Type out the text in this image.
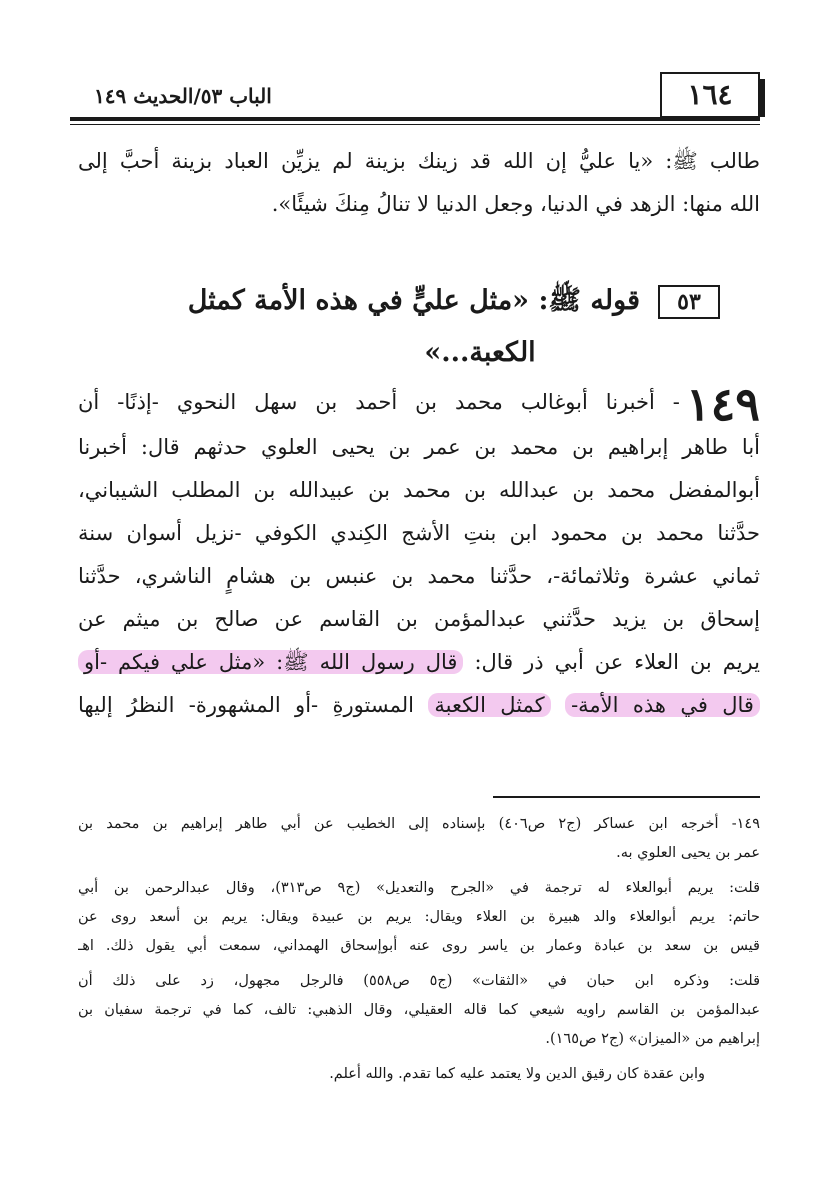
١٦٤
الباب ٥٣/الحديث ١٤٩
طالب ﷺ: «يا عليُّ إن الله قد زينك بزينة لم يزيِّن العباد بزينة أحبَّ إلى
الله منها: الزهد في الدنيا، وجعل الدنيا لا تنالُ مِنكَ شيئًا».
٥٣قوله ﷺ: «مثل عليٍّ في هذه الأمة كمثل
الكعبة...»
١٤٩- أخبرنا أبوغالب محمد بن أحمد بن سهل النحوي -إذنًا- أن
أبا طاهر إبراهيم بن محمد بن عمر بن يحيى العلوي حدثهم قال: أخبرنا
أبوالمفضل محمد بن عبدالله بن محمد بن عبيدالله بن المطلب الشيباني،
حدَّثنا محمد بن محمود ابن بنتِ الأشج الكِندي الكوفي -نزيل أسوان سنة
ثماني عشرة وثلاثمائة-، حدَّثنا محمد بن عنبس بن هشامٍ الناشري، حدَّثنا
إسحاق بن يزيد حدَّثني عبدالمؤمن بن القاسم عن صالح بن ميثم عن
يريم بن العلاء عن أبي ذر قال: قال رسول الله ﷺ: «مثل علي فيكم -أو
قال في هذه الأمة- كمثل الكعبة المستورةِ -أو المشهورة- النظرُ إليها
١٤٩- أخرجه ابن عساكر (ج٢ ص٤٠٦) بإسناده إلى الخطيب عن أبي طاهر إبراهيم بن محمد بن
عمر بن يحيى العلوي به.
قلت: يريم أبوالعلاء له ترجمة في «الجرح والتعديل» (ج٩ ص٣١٣)، وقال عبدالرحمن بن أبي
حاتم: يريم أبوالعلاء والد هبيرة بن العلاء ويقال: يريم بن عبيدة ويقال: يريم بن أسعد روى عن
قيس بن سعد بن عبادة وعمار بن ياسر روى عنه أبوإسحاق الهمداني، سمعت أبي يقول ذلك. اهـ
قلت: وذكره ابن حبان في «الثقات» (ج٥ ص٥٥٨) فالرجل مجهول، زد على ذلك أن
عبدالمؤمن بن القاسم راويه شيعي كما قاله العقيلي، وقال الذهبي: تالف، كما في ترجمة سفيان بن
إبراهيم من «الميزان» (ج٢ ص١٦٥).
وابن عقدة كان رقيق الدين ولا يعتمد عليه كما تقدم. والله أعلم.
